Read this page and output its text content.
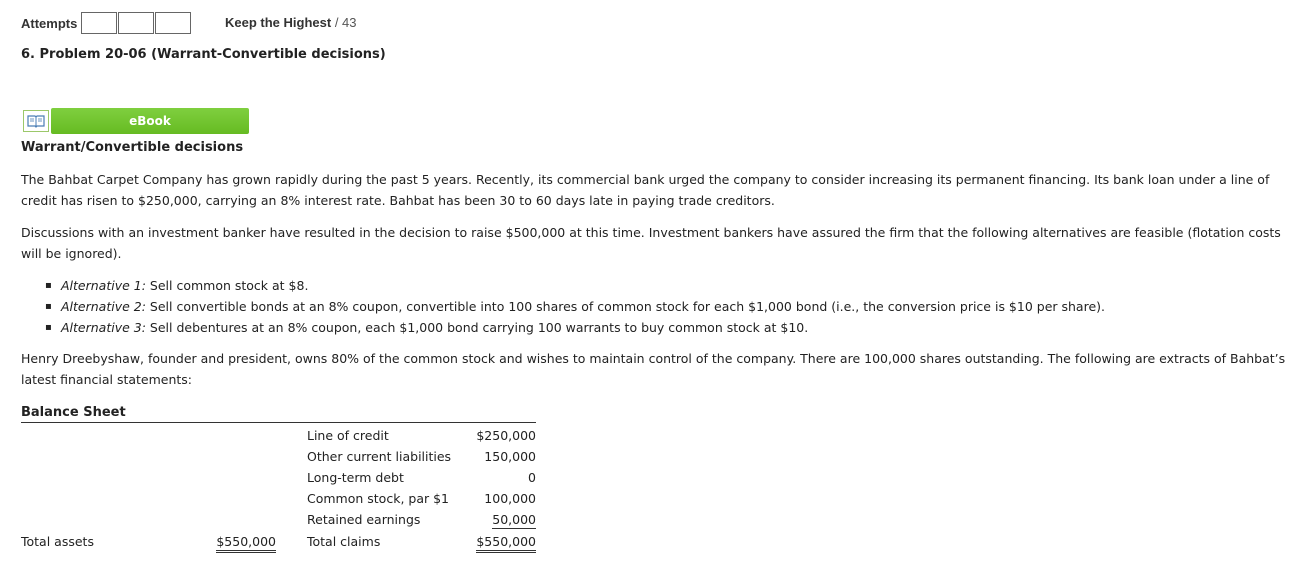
Attempts	Keep the Highest / 43
6. Problem 20-06 (Warrant-Convertible decisions)
eBook
Warrant/Convertible decisions
The Bahbat Carpet Company has grown rapidly during the past 5 years. Recently, its commercial bank urged the company to consider increasing its permanent financing. Its bank loan under a line of credit has risen to $250,000, carrying an 8% interest rate. Bahbat has been 30 to 60 days late in paying trade creditors.
Discussions with an investment banker have resulted in the decision to raise $500,000 at this time. Investment bankers have assured the firm that the following alternatives are feasible (flotation costs will be ignored).
▪ Alternative 1: Sell common stock at $8.
▪ Alternative 2: Sell convertible bonds at an 8% coupon, convertible into 100 shares of common stock for each $1,000 bond (i.e., the conversion price is $10 per share).
▪ Alternative 3: Sell debentures at an 8% coupon, each $1,000 bond carrying 100 warrants to buy common stock at $10.
Henry Dreebyshaw, founder and president, owns 80% of the common stock and wishes to maintain control of the company. There are 100,000 shares outstanding. The following are extracts of Bahbat’s latest financial statements:
Balance Sheet
Line of credit	$250,000
Other current liabilities	150,000
Long-term debt	0
Common stock, par $1	100,000
Retained earnings	50,000
Total assets	$550,000 Total claims	$550,000
